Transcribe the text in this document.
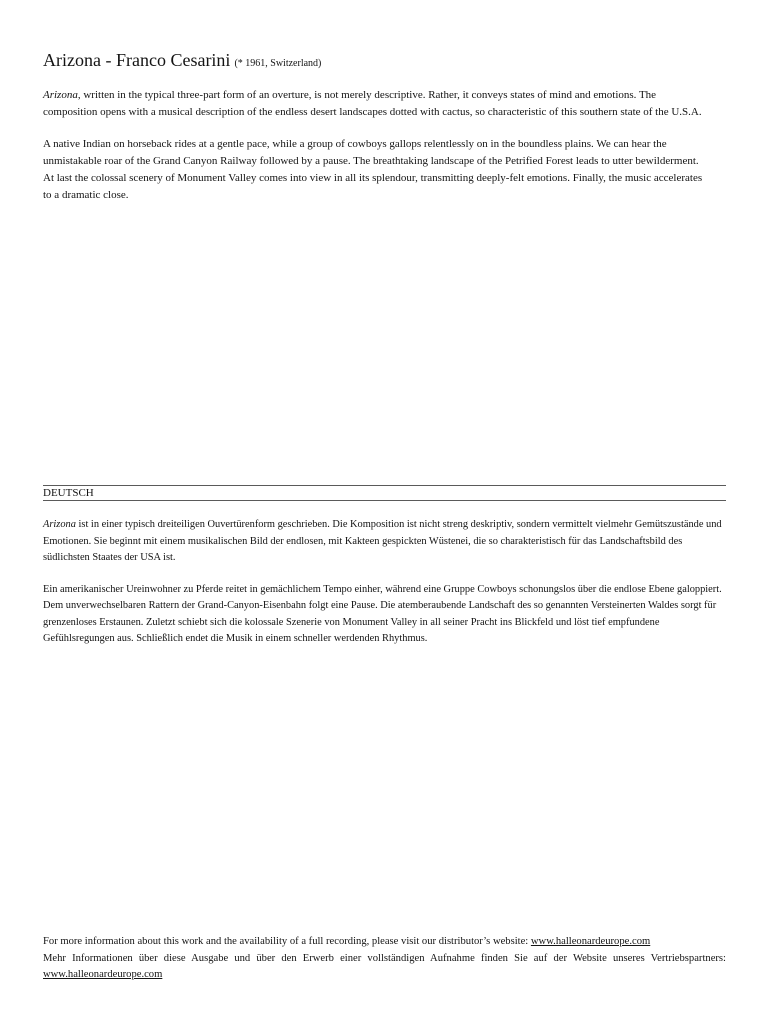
Arizona - Franco Cesarini (* 1961, Switzerland)

Arizona, written in the typical three-part form of an overture, is not merely descriptive. Rather, it conveys states of mind and emotions. The composition opens with a musical description of the endless desert landscapes dotted with cactus, so characteristic of this southern state of the U.S.A.

A native Indian on horseback rides at a gentle pace, while a group of cowboys gallops relentlessly on in the boundless plains. We can hear the unmistakable roar of the Grand Canyon Railway followed by a pause. The breathtaking landscape of the Petrified Forest leads to utter bewilderment. At last the colossal scenery of Monument Valley comes into view in all its splendour, transmitting deeply-felt emotions. Finally, the music accelerates to a dramatic close.

DEUTSCH

Arizona ist in einer typisch dreiteiligen Ouvertürenform geschrieben. Die Komposition ist nicht streng deskriptiv, sondern vermittelt vielmehr Gemütszustände und Emotionen. Sie beginnt mit einem musikalischen Bild der endlosen, mit Kakteen gespickten Wüstenei, die so charakteristisch für das Landschaftsbild des südlichsten Staates der USA ist.

Ein amerikanischer Ureinwohner zu Pferde reitet in gemächlichem Tempo einher, während eine Gruppe Cowboys schonungslos über die endlose Ebene galoppiert. Dem unverwechselbaren Rattern der Grand-Canyon-Eisenbahn folgt eine Pause. Die atemberaubende Landschaft des so genannten Versteinerten Waldes sorgt für grenzenloses Erstaunen. Zuletzt schiebt sich die kolossale Szenerie von Monument Valley in all seiner Pracht ins Blickfeld und löst tief empfundene Gefühlsregungen aus. Schließlich endet die Musik in einem schneller werdenden Rhythmus.

For more information about this work and the availability of a full recording, please visit our distributor’s website: www.halleonardeurope.com

Mehr Informationen über diese Ausgabe und über den Erwerb einer vollständigen Aufnahme finden Sie auf der Website unseres Vertriebspartners: www.halleonardeurope.com
